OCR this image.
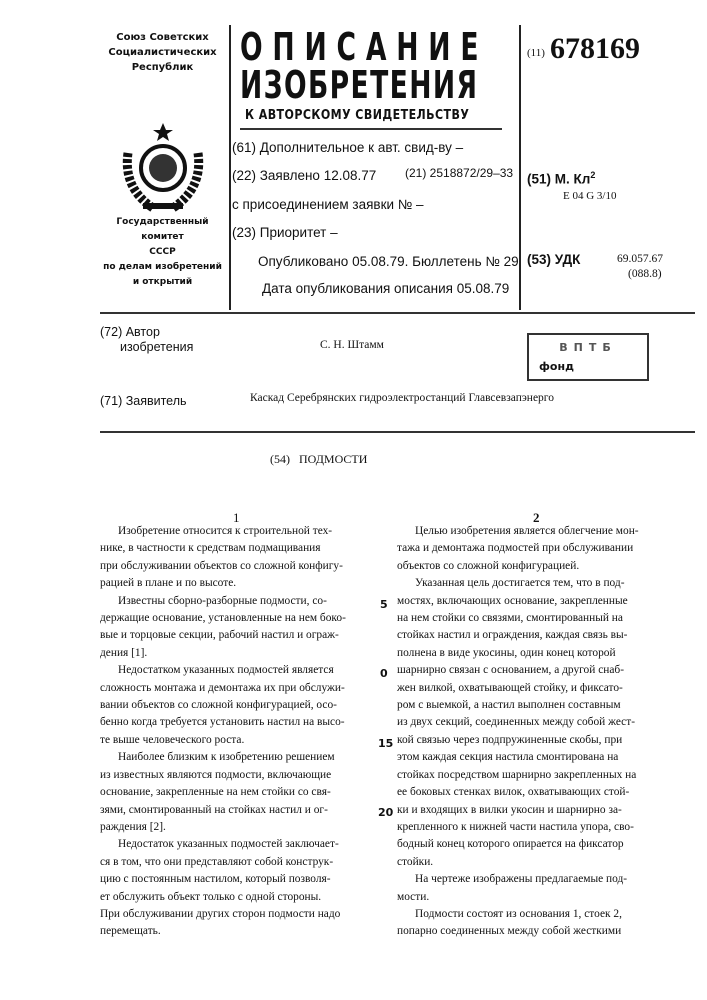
Союз Советских
Социалистических
Республик
Государственный комитет
СССР
по делам изобретений
и открытий
ОПИСАНИЕ
ИЗОБРЕТЕНИЯ
К АВТОРСКОМУ СВИДЕТЕЛЬСТВУ
(11) 678169
(61) Дополнительное к авт. свид-ву –
(22) Заявлено 12.08.77 (21) 2518872/29–33
с присоединением заявки № –
(23) Приоритет –
Опубликовано 05.08.79. Бюллетень № 29
Дата опубликования описания 05.08.79
(51) М. Кл2
E 04 G 3/10
(53) УДК	69.057.67
(088.8)
(72) Автор
изобретения	С. Н. Штамм	ВПТБ
фонд
(71) Заявитель	Каскад Серебрянских гидроэлектростанций Главсевзапэнерго
(54)   ПОДМОСТИ
1	2
Изобретение относится к строительной тех-
нике, в частности к средствам подмащивания
при обслуживании объектов со сложной конфигу-
рацией в плане и по высоте.
Известны сборно-разборные подмости, со-
держащие основание, установленные на нем боко-
вые и торцовые секции, рабочий настил и ограж-
дения [1].
Недостатком указанных подмостей является
сложность монтажа и демонтажа их при обслужи-
вании объектов со сложной конфигурацией, осо-
бенно когда требуется установить настил на высо-
те выше человеческого роста.
Наиболее близким к изобретению решением
из известных являются подмости, включающие
основание, закрепленные на нем стойки со свя-
зями, смонтированный на стойках настил и ог-
раждения [2].
Недостаток указанных подмостей заключает-
ся в том, что они представляют собой конструк-
цию с постоянным настилом, который позволя-
ет обслужить объект только с одной стороны.
При обслуживании других сторон подмости надо
перемещать.
Целью изобретения является облегчение мон-
тажа и демонтажа подмостей при обслуживании
объектов со сложной конфигурацией.
Указанная цель достигается тем, что в под-
мостях, включающих основание, закрепленные
на нем стойки со связями, смонтированный на
стойках настил и ограждения, каждая связь вы-
полнена в виде укосины, один конец которой
шарнирно связан с основанием, а другой снаб-
жен вилкой, охватывающей стойку, и фиксато-
ром с выемкой, а настил выполнен составным
из двух секций, соединенных между собой жест-
кой связью через подпружиненные скобы, при
этом каждая секция настила смонтирована на
стойках посредством шарнирно закрепленных на
ее боковых стенках вилок, охватывающих стой-
ки и входящих в вилки укосин и шарнирно за-
крепленного к нижней части настила упора, сво-
бодный конец которого опирается на фиксатор
стойки.
На чертеже изображены предлагаемые под-
мости.
Подмости состоят из основания 1, стоек 2,
попарно соединенных между собой жесткими
5
0
15
20
